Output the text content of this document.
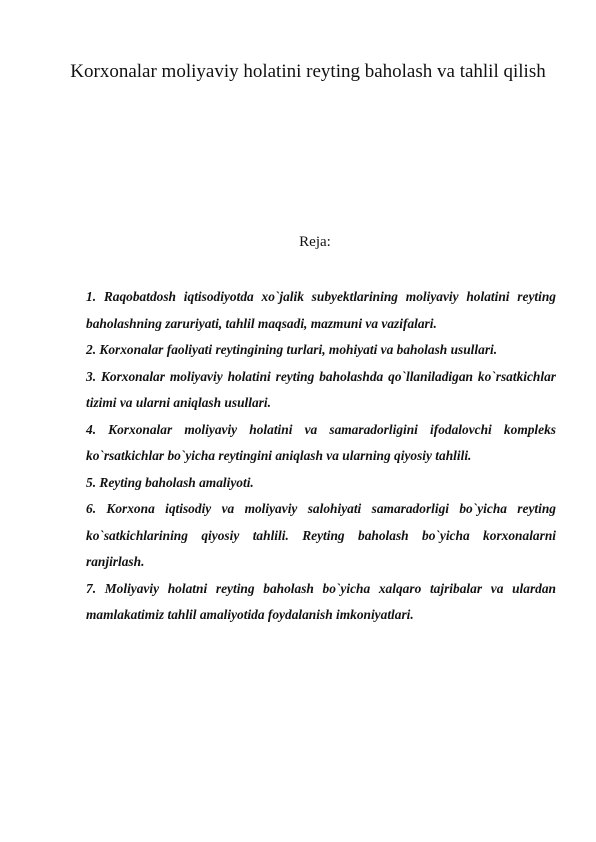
Korxonalar moliyaviy holatini reyting baholash va tahlil qilish

Reja:

1. Raqobatdosh iqtisodiyotda xo`jalik subyektlarining moliyaviy holatini reyting baholashning zaruriyati, tahlil maqsadi, mazmuni va vazifalari.
2. Korxonalar faoliyati reytingining turlari, mohiyati va baholash usullari.
3. Korxonalar moliyaviy holatini reyting baholashda qo`llaniladigan ko`rsatkichlar tizimi va ularni aniqlash usullari.
4. Korxonalar moliyaviy holatini va samaradorligini ifodalovchi kompleks ko`rsatkichlar bo`yicha reytingini aniqlash va ularning qiyosiy tahlili.
5. Reyting baholash amaliyoti.
6. Korxona iqtisodiy va moliyaviy salohiyati samaradorligi bo`yicha reyting ko`satkichlarining qiyosiy tahlili. Reyting baholash bo`yicha korxonalarni ranjirlash.
7. Moliyaviy holatni reyting baholash bo`yicha xalqaro tajribalar va ulardan mamlakatimiz tahlil amaliyotida foydalanish imkoniyatlari.
